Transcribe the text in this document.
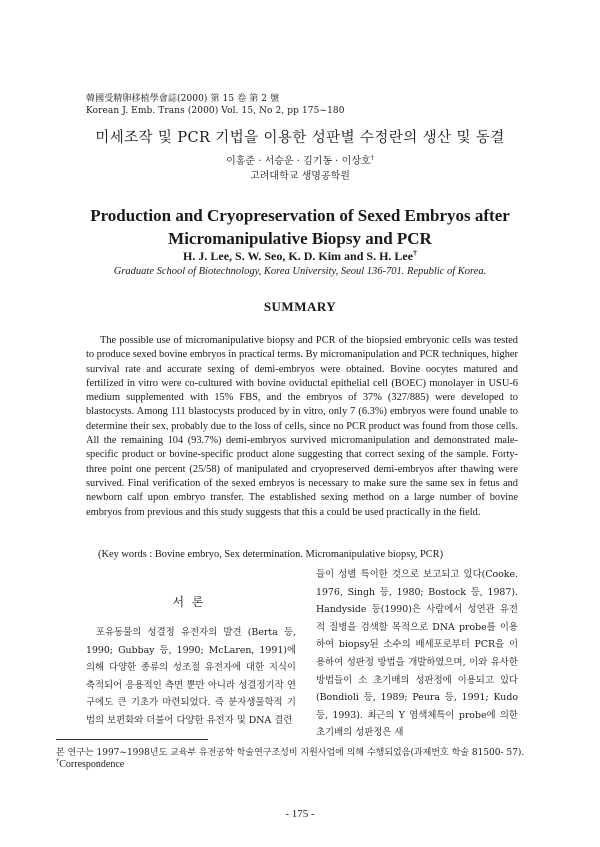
韓國受精卵移植學會誌(2000) 第 15 卷 第 2 號
Korean J. Emb. Trans (2000) Vol. 15, No 2, pp 175~180
미세조작 및 PCR 기법을 이용한 성판별 수정란의 생산 및 동결
이홍준 · 서승운 · 김기동 · 이상호†
고려대학교 생명공학원
Production and Cryopreservation of Sexed Embryos after
Micromanipulative Biopsy and PCR
H. J. Lee, S. W. Seo, K. D. Kim and S. H. Lee†
Graduate School of Biotechnology, Korea University, Seoul 136-701. Republic of Korea.
SUMMARY
The possible use of micromanipulative biopsy and PCR of the biopsied embryonic cells was tested to produce sexed bovine embryos in practical terms. By micromanipulation and PCR techniques, higher survival rate and accurate sexing of demi-embryos were obtained. Bovine oocytes matured and fertilized in vitro were co-cultured with bovine oviductal epithelial cell (BOEC) monolayer in USU-6 medium supplemented with 15% FBS, and the embryos of 37% (327/885) were developed to blastocysts. Among 111 blastocysts produced by in vitro, only 7 (6.3%) embryos were found unable to determine their sex, probably due to the loss of cells, since no PCR product was found from those cells. All the remaining 104 (93.7%) demi-embryos survived micromanipulation and demonstrated male-specific product or bovine-specific product alone suggesting that correct sexing of the sample. Forty-three point one percent (25/58) of manipulated and cryopreserved demi-embryos after thawing were survived. Final verification of the sexed embryos is necessary to make sure the same sex in fetus and newborn calf upon embryo transfer. The established sexing method on a large number of bovine embryos from previous and this study suggests that this a could be used practically in the field.
(Key words : Bovine embryo, Sex determination. Micromanipulative biopsy, PCR)
서 론
포유동물의 성결정 유전자의 발견 (Berta 등, 1990; Gubbay 등, 1990; McLaren, 1991)에 의해 다양한 종류의 성조절 유전자에 대한 지식이 축적되어 응용적인 측면 뿐만 아니라 성결정기작 연구에도 큰 기초가 마련되었다. 즉 분자생물학적 기법의 보편화와 더불어 다양한 유전자 및 DNA 결련
들이 성별 특이한 것으로 보고되고 있다(Cooke. 1976, Singh 등, 1980; Bostock 등, 1987). Handyside 등(1990)은 사람에서 성연관 유전적 질병을 검색할 목적으로 DNA probe를 이용하여 biopsy된 소수의 배세포로부터 PCR을 이용하여 성판정 방법을 개발하였으며, 이와 유사한 방법들이 소 초기배의 성판정에 이용되고 있다(Bondioli 등, 1989; Peura 등, 1991; Kudo 등, 1993). 최근의 Y 염색체특이 probe에 의한 초기배의 성판정은 새
본 연구는 1997~1998년도 교육부 유전공학 학술연구조성비 지원사업에 의해 수행되었음(과제번호 학술 81500- 57).
†Correspondence
- 175 -
